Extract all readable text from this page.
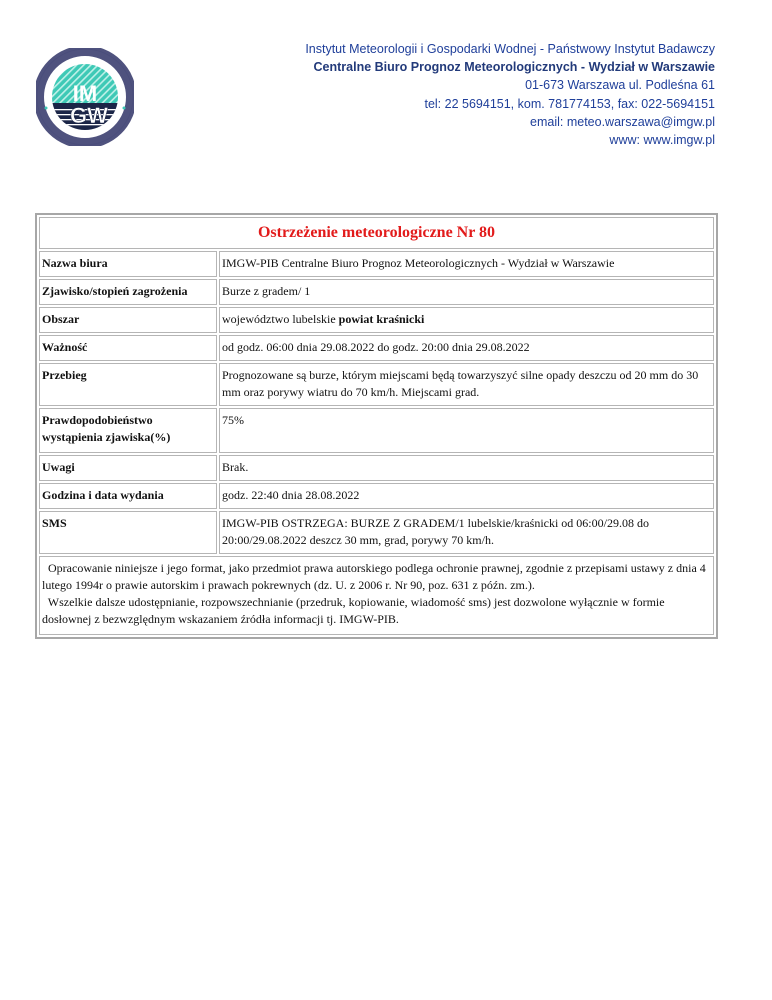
IM
GW
Instytut Meteorologii i Gospodarki Wodnej - Państwowy Instytut Badawczy
Centralne Biuro Prognoz Meteorologicznych - Wydział w Warszawie
01-673 Warszawa ul. Podleśna 61
tel: 22 5694151, kom. 781774153, fax: 022-5694151
email: meteo.warszawa@imgw.pl
www: www.imgw.pl
Ostrzeżenie meteorologiczne Nr 80	
Nazwa biura	IMGW-PIB Centralne Biuro Prognoz Meteorologicznych - Wydział w Warszawie
Zjawisko/stopień zagrożenia	Burze z gradem/ 1
Obszar	województwo lubelskie powiat kraśnicki
Ważność	od godz. 06:00 dnia 29.08.2022 do godz. 20:00 dnia 29.08.2022
Przebieg	Prognozowane są burze, którym miejscami będą towarzyszyć silne opady deszczu od 20 mm do 30 mm oraz porywy wiatru do 70 km/h. Miejscami grad.
Prawdopodobieństwo wystąpienia zjawiska(%)	75%
Uwagi	Brak.
Godzina i data wydania	godz. 22:40 dnia 28.08.2022
SMS	IMGW-PIB OSTRZEGA: BURZE Z GRADEM/1 lubelskie/kraśnicki od 06:00/29.08 do 20:00/29.08.2022 deszcz 30 mm, grad, porywy 70 km/h.

Opracowanie niniejsze i jego format, jako przedmiot prawa autorskiego podlega ochronie prawnej, zgodnie z przepisami ustawy z dnia 4 lutego 1994r o prawie autorskim i prawach pokrewnych (dz. U. z 2006 r. Nr 90, poz. 631 z późn. zm.).
Wszelkie dalsze udostępnianie, rozpowszechnianie (przedruk, kopiowanie, wiadomość sms) jest dozwolone wyłącznie w formie dosłownej z bezwzględnym wskazaniem źródła informacji tj. IMGW-PIB.	
